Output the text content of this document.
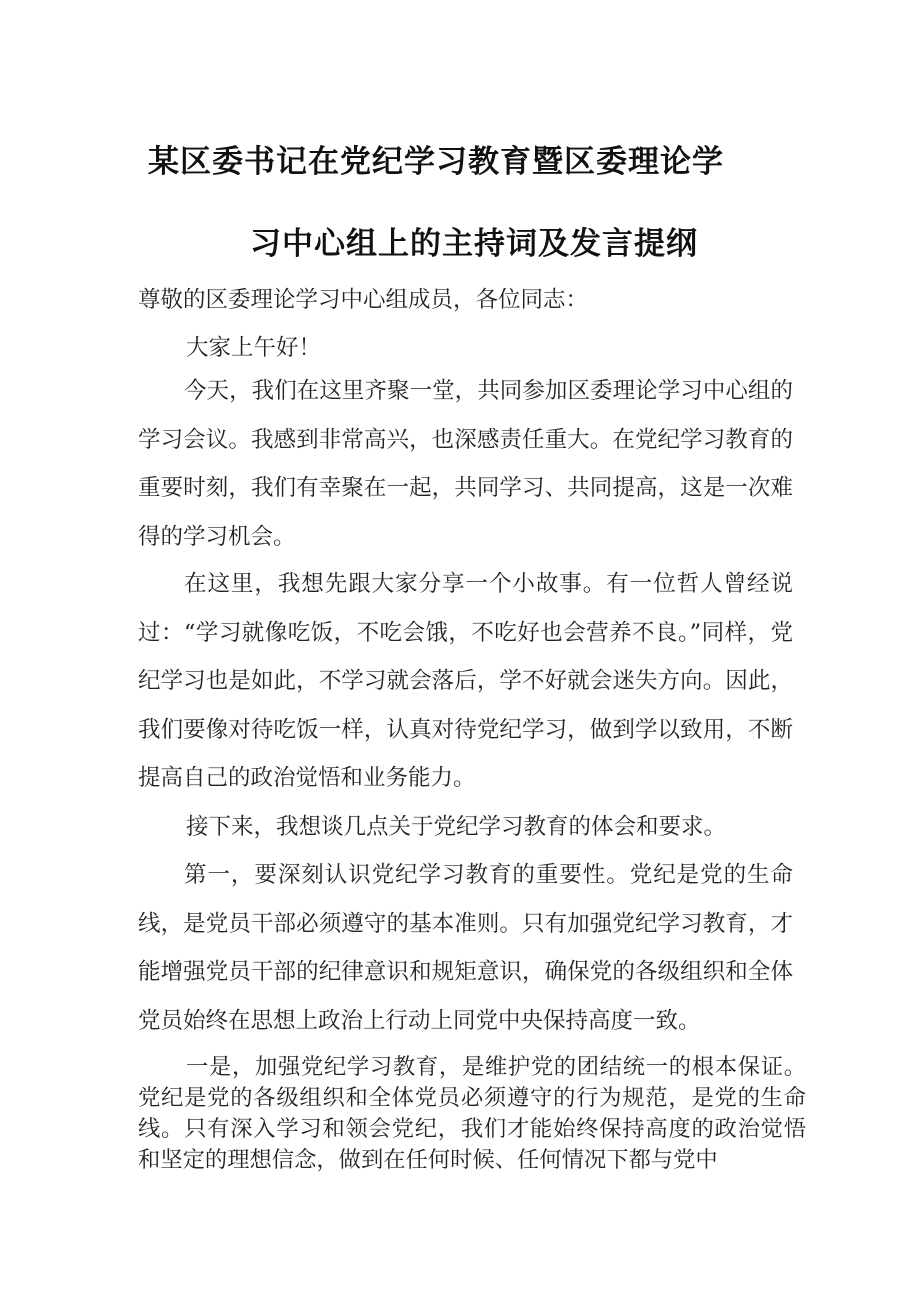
某区委书记在党纪学习教育暨区委理论学
习中心组上的主持词及发言提纲

尊敬的区委理论学习中心组成员，各位同志：

大家上午好！

今天，我们在这里齐聚一堂，共同参加区委理论学习中心组的学习会议。我感到非常高兴，也深感责任重大。在党纪学习教育的重要时刻，我们有幸聚在一起，共同学习、共同提高，这是一次难得的学习机会。

在这里，我想先跟大家分享一个小故事。有一位哲人曾经说过：“学习就像吃饭，不吃会饿，不吃好也会营养不良。”同样，党纪学习也是如此，不学习就会落后，学不好就会迷失方向。因此，我们要像对待吃饭一样，认真对待党纪学习，做到学以致用，不断提高自己的政治觉悟和业务能力。

接下来，我想谈几点关于党纪学习教育的体会和要求。

第一，要深刻认识党纪学习教育的重要性。党纪是党的生命线，是党员干部必须遵守的基本准则。只有加强党纪学习教育，才能增强党员干部的纪律意识和规矩意识，确保党的各级组织和全体党员始终在思想上政治上行动上同党中央保持高度一致。

一是，加强党纪学习教育，是维护党的团结统一的根本保证。党纪是党的各级组织和全体党员必须遵守的行为规范，是党的生命线。只有深入学习和领会党纪，我们才能始终保持高度的政治觉悟和坚定的理想信念，做到在任何时候、任何情况下都与党中
